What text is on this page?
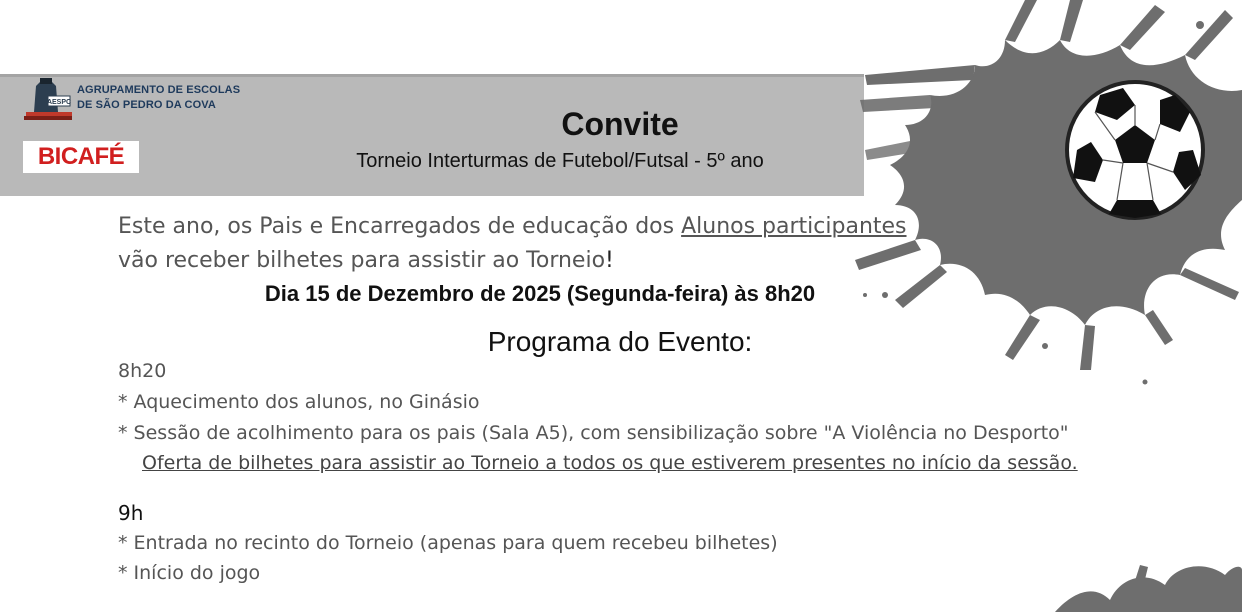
AESPC
AGRUPAMENTO DE ESCOLAS
DE SÃO PEDRO DA COVA
BICAFÉ
Convite
Torneio Interturmas de Futebol/Futsal - 5º ano
Este ano, os Pais e Encarregados de educação dos Alunos participantes
vão receber bilhetes para assistir ao Torneio!
Dia 15 de Dezembro de 2025 (Segunda-feira) às 8h20
Programa do Evento:
8h20
* Aquecimento dos alunos, no Ginásio
* Sessão de acolhimento para os pais (Sala A5), com sensibilização sobre "A Violência no Desporto"
Oferta de bilhetes para assistir ao Torneio a todos os que estiverem presentes no início da sessão.
9h
* Entrada no recinto do Torneio (apenas para quem recebeu bilhetes)
* Início do jogo
